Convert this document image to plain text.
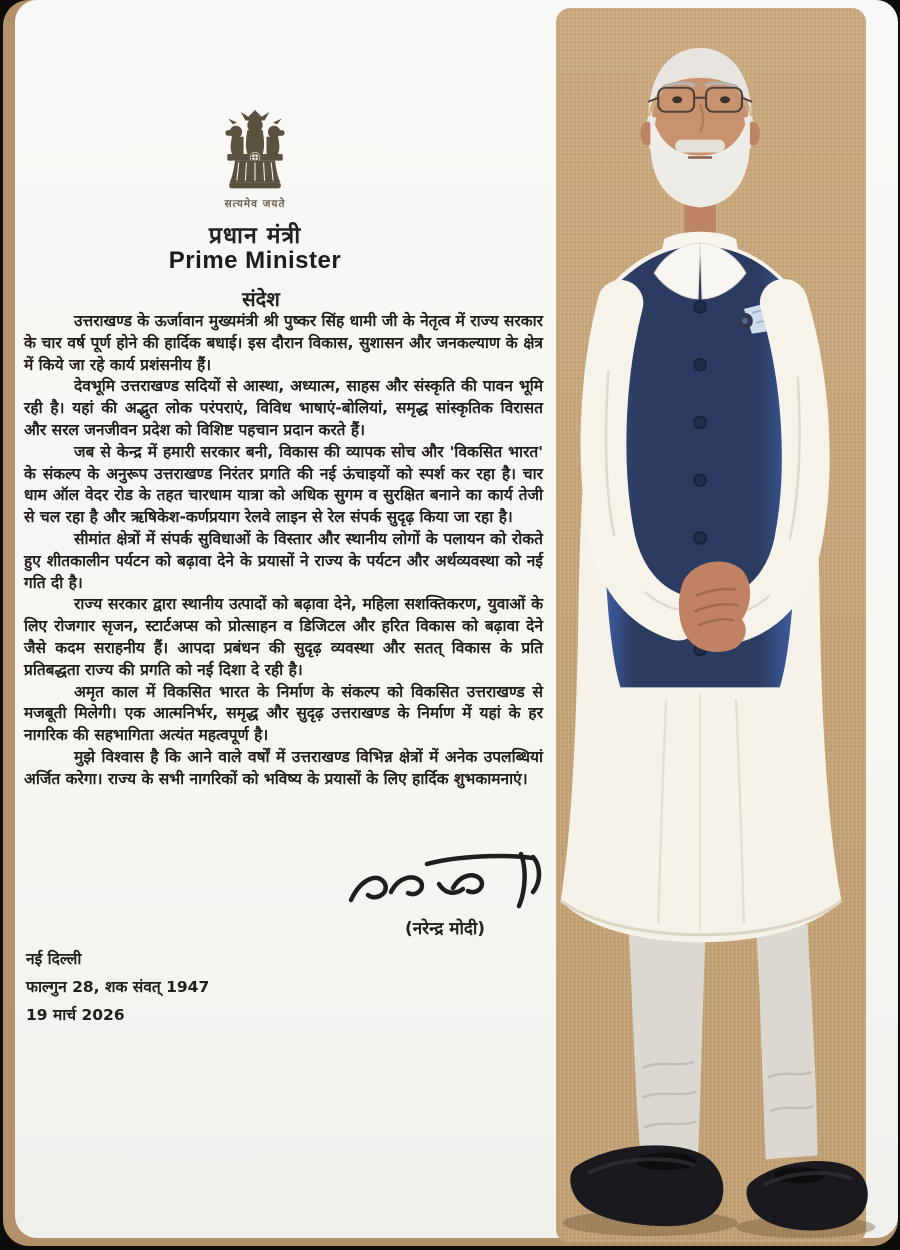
सत्यमेव जयते
प्रधान मंत्री
Prime Minister
संदेश

उत्तराखण्ड के ऊर्जावान मुख्यमंत्री श्री पुष्कर सिंह धामी जी के नेतृत्व में राज्य सरकार के चार वर्ष पूर्ण होने की हार्दिक बधाई। इस दौरान विकास, सुशासन और जनकल्याण के क्षेत्र में किये जा रहे कार्य प्रशंसनीय हैं।

देवभूमि उत्तराखण्ड सदियों से आस्था, अध्यात्म, साहस और संस्कृति की पावन भूमि रही है। यहां की अद्भुत लोक परंपराएं, विविध भाषाएं-बोलियां, समृद्ध सांस्कृतिक विरासत और सरल जनजीवन प्रदेश को विशिष्ट पहचान प्रदान करते हैं।

जब से केन्द्र में हमारी सरकार बनी, विकास की व्यापक सोच और 'विकसित भारत' के संकल्प के अनुरूप उत्तराखण्ड निरंतर प्रगति की नई ऊंचाइयों को स्पर्श कर रहा है। चार धाम ऑल वेदर रोड के तहत चारधाम यात्रा को अधिक सुगम व सुरक्षित बनाने का कार्य तेजी से चल रहा है और ऋषिकेश-कर्णप्रयाग रेलवे लाइन से रेल संपर्क सुदृढ़ किया जा रहा है।

सीमांत क्षेत्रों में संपर्क सुविधाओं के विस्तार और स्थानीय लोगों के पलायन को रोकते हुए शीतकालीन पर्यटन को बढ़ावा देने के प्रयासों ने राज्य के पर्यटन और अर्थव्यवस्था को नई गति दी है।

राज्य सरकार द्वारा स्थानीय उत्पादों को बढ़ावा देने, महिला सशक्तिकरण, युवाओं के लिए रोजगार सृजन, स्टार्टअप्स को प्रोत्साहन व डिजिटल और हरित विकास को बढ़ावा देने जैसे कदम सराहनीय हैं। आपदा प्रबंधन की सुदृढ़ व्यवस्था और सतत् विकास के प्रति प्रतिबद्धता राज्य की प्रगति को नई दिशा दे रही है।

अमृत काल में विकसित भारत के निर्माण के संकल्प को विकसित उत्तराखण्ड से मजबूती मिलेगी। एक आत्मनिर्भर, समृद्ध और सुदृढ़ उत्तराखण्ड के निर्माण में यहां के हर नागरिक की सहभागिता अत्यंत महत्वपूर्ण है।

मुझे विश्वास है कि आने वाले वर्षों में उत्तराखण्ड विभिन्न क्षेत्रों में अनेक उपलब्धियां अर्जित करेगा। राज्य के सभी नागरिकों को भविष्य के प्रयासों के लिए हार्दिक शुभकामनाएं।

(नरेन्द्र मोदी)
नई दिल्ली
फाल्गुन 28, शक संवत् 1947
19 मार्च 2026
